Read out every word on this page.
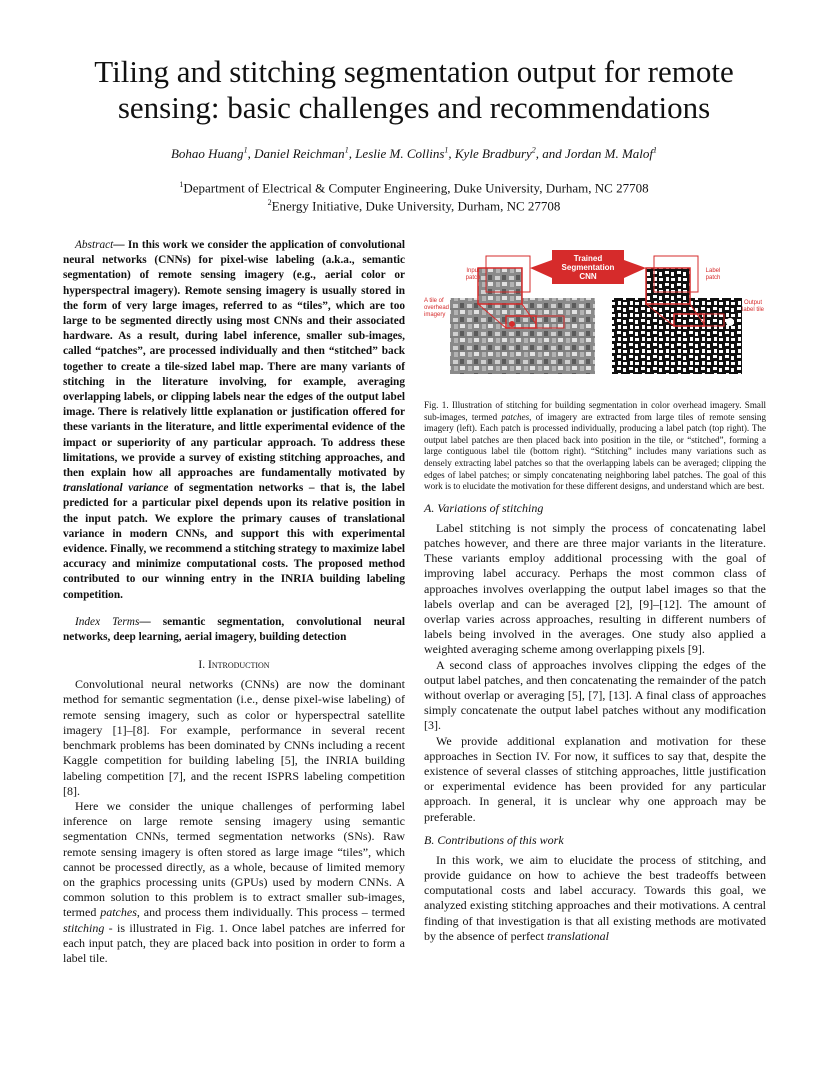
Tiling and stitching segmentation output for remote
sensing: basic challenges and recommendations
Bohao Huang$^1$, Daniel Reichman$^1$, Leslie M. Collins$^1$, Kyle Bradbury$^2$, and Jordan M. Malof$^1$
$^1$Department of Electrical & Computer Engineering, Duke University, Durham, NC 27708
$^2$Energy Initiative, Duke University, Durham, NC 27708

Abstract— In this work we consider the application of convolutional neural networks (CNNs) for pixel-wise labeling (a.k.a., semantic segmentation) of remote sensing imagery (e.g., aerial color or hyperspectral imagery). Remote sensing imagery is usually stored in the form of very large images, referred to as “tiles”, which are too large to be segmented directly using most CNNs and their associated hardware. As a result, during label inference, smaller sub-images, called “patches”, are processed individually and then “stitched” back together to create a tile-sized label map. There are many variants of stitching in the literature involving, for example, averaging overlapping labels, or clipping labels near the edges of the output label image. There is relatively little explanation or justification offered for these variants in the literature, and little experimental evidence of the impact or superiority of any particular approach. To address these limitations, we provide a survey of existing stitching approaches, and then explain how all approaches are fundamentally motivated by translational variance of segmentation networks – that is, the label predicted for a particular pixel depends upon its relative position in the input patch. We explore the primary causes of translational variance in modern CNNs, and support this with experimental evidence. Finally, we recommend a stitching strategy to maximize label accuracy and minimize computational costs. The proposed method contributed to our winning entry in the INRIA building labeling competition.

Index Terms— semantic segmentation, convolutional neural networks, deep learning, aerial imagery, building detection

I. Introduction

Convolutional neural networks (CNNs) are now the dominant method for semantic segmentation (i.e., dense pixel-wise labeling) of remote sensing imagery, such as color or hyperspectral satellite imagery [1]–[8]. For example, performance in several recent benchmark problems has been dominated by CNNs including a recent Kaggle competition for building labeling [5], the INRIA building labeling competition [7], and the recent ISPRS labeling competition [8].

Here we consider the unique challenges of performing label inference on large remote sensing imagery using semantic segmentation CNNs, termed segmentation networks (SNs). Raw remote sensing imagery is often stored as large image “tiles”, which cannot be processed directly, as a whole, because of limited memory on the graphics processing units (GPUs) used by modern CNNs. A common solution to this problem is to extract smaller sub-images, termed patches, and process them individually. This process – termed stitching - is illustrated in Fig. 1. Once label patches are inferred for each input patch, they are placed back into position in order to form a label tile.

Input patch
Trained Segmentation CNN
Label patch
A tile of overhead imagery
Output label tile

Fig. 1. Illustration of stitching for building segmentation in color overhead imagery. Small sub-images, termed patches, of imagery are extracted from large tiles of remote sensing imagery (left). Each patch is processed individually, producing a label patch (top right). The output label patches are then placed back into position in the tile, or “stitched”, forming a large contiguous label tile (bottom right). “Stitching” includes many variations such as densely extracting label patches so that the overlapping labels can be averaged; clipping the edges of label patches; or simply concatenating neighboring label patches. The goal of this work is to elucidate the motivation for these different designs, and understand which are best.

A. Variations of stitching

Label stitching is not simply the process of concatenating label patches however, and there are three major variants in the literature. These variants employ additional processing with the goal of improving label accuracy. Perhaps the most common class of approaches involves overlapping the output label images so that the labels overlap and can be averaged [2], [9]–[12]. The amount of overlap varies across approaches, resulting in different numbers of labels being involved in the averages. One study also applied a weighted averaging scheme among overlapping pixels [9].

A second class of approaches involves clipping the edges of the output label patches, and then concatenating the remainder of the patch without overlap or averaging [5], [7], [13]. A final class of approaches simply concatenate the output label patches without any modification [3].

We provide additional explanation and motivation for these approaches in Section IV. For now, it suffices to say that, despite the existence of several classes of stitching approaches, little justification or experimental evidence has been provided for any particular approach. In general, it is unclear why one approach may be preferable.

B. Contributions of this work

In this work, we aim to elucidate the process of stitching, and provide guidance on how to achieve the best tradeoffs between computational costs and label accuracy. Towards this goal, we analyzed existing stitching approaches and their motivations. A central finding of that investigation is that all existing methods are motivated by the absence of perfect translational
